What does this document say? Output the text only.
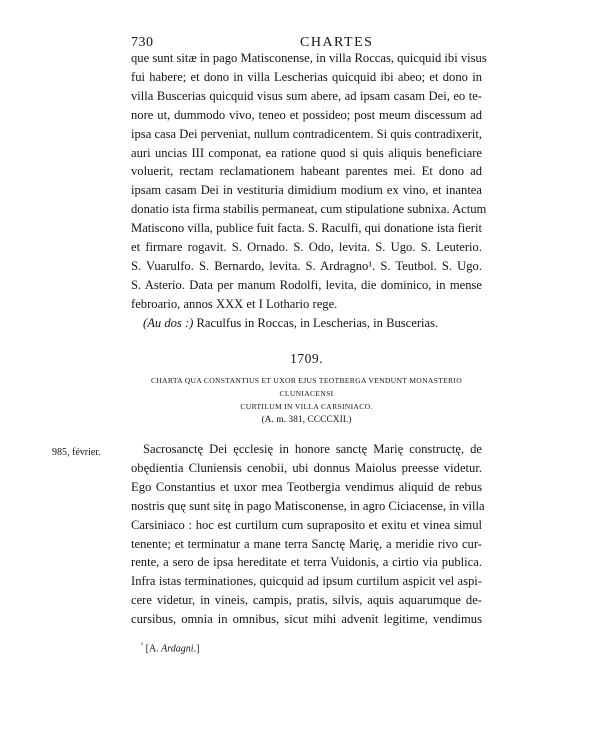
730	CHARTES
que sunt sitæ in pago Matisconense, in villa Roccas, quicquid ibi visus
fui habere; et dono in villa Lescherias quicquid ibi abeo; et dono in
villa Buscerias quicquid visus sum abere, ad ipsam casam Dei, eo te-
nore ut, dummodo vivo, teneo et possideo; post meum discessum ad
ipsa casa Dei perveniat, nullum contradicentem. Si quis contradixerit,
auri uncias III componat, ea ratione quod si quis aliquis beneficiare
voluerit, rectam reclamationem habeant parentes mei. Et dono ad
ipsam casam Dei in vestituria dimidium modium ex vino, et inantea
donatio ista firma stabilis permaneat, cum stipulatione subnixa. Actum
Matiscono villa, publice fuit facta. S. Raculfi, qui donatione ista fierit
et firmare rogavit. S. Ornado. S. Odo, levita. S. Ugo. S. Leuterio.
S. Vuarulfo. S. Bernardo, levita. S. Ardragno¹. S. Teutbol. S. Ugo.
S. Asterio. Data per manum Rodolfi, levita, die dominico, in mense
febroario, annos XXX et I Lothario rege.
(Au dos :) Raculfus in Roccas, in Lescherias, in Buscerias.
1709.
CHARTA QUA CONSTANTIUS ET UXOR EJUS TEOTBERGA VENDUNT MONASTERIO CLUNIACENSI
CURTILUM IN VILLA CARSINIACO.
(A. m. 381, CCCCXII.)
985, février.	Sacrosanctę Dei ęcclesię in honore sanctę Marię constructę, de
obędientia Cluniensis cenobii, ubi donnus Maiolus preesse videtur.
Ego Constantius et uxor mea Teotbergia vendimus aliquid de rebus
nostris quę sunt sitę in pago Matisconense, in agro Ciciacense, in villa
Carsiniaco : hoc est curtilum cum supraposito et exitu et vinea simul
tenente; et terminatur a mane terra Sanctę Marię, a meridie rivo cur-
rente, a sero de ipsa hereditate et terra Vuidonis, a cirtio via publica.
Infra istas terminationes, quicquid ad ipsum curtilum aspicit vel aspi-
cere videtur, in vineis, campis, pratis, silvis, aquis aquarumque de-
cursibus, omnia in omnibus, sicut mihi advenit legitime, vendimus
$^{^1}$ [A. Ardagni.]
